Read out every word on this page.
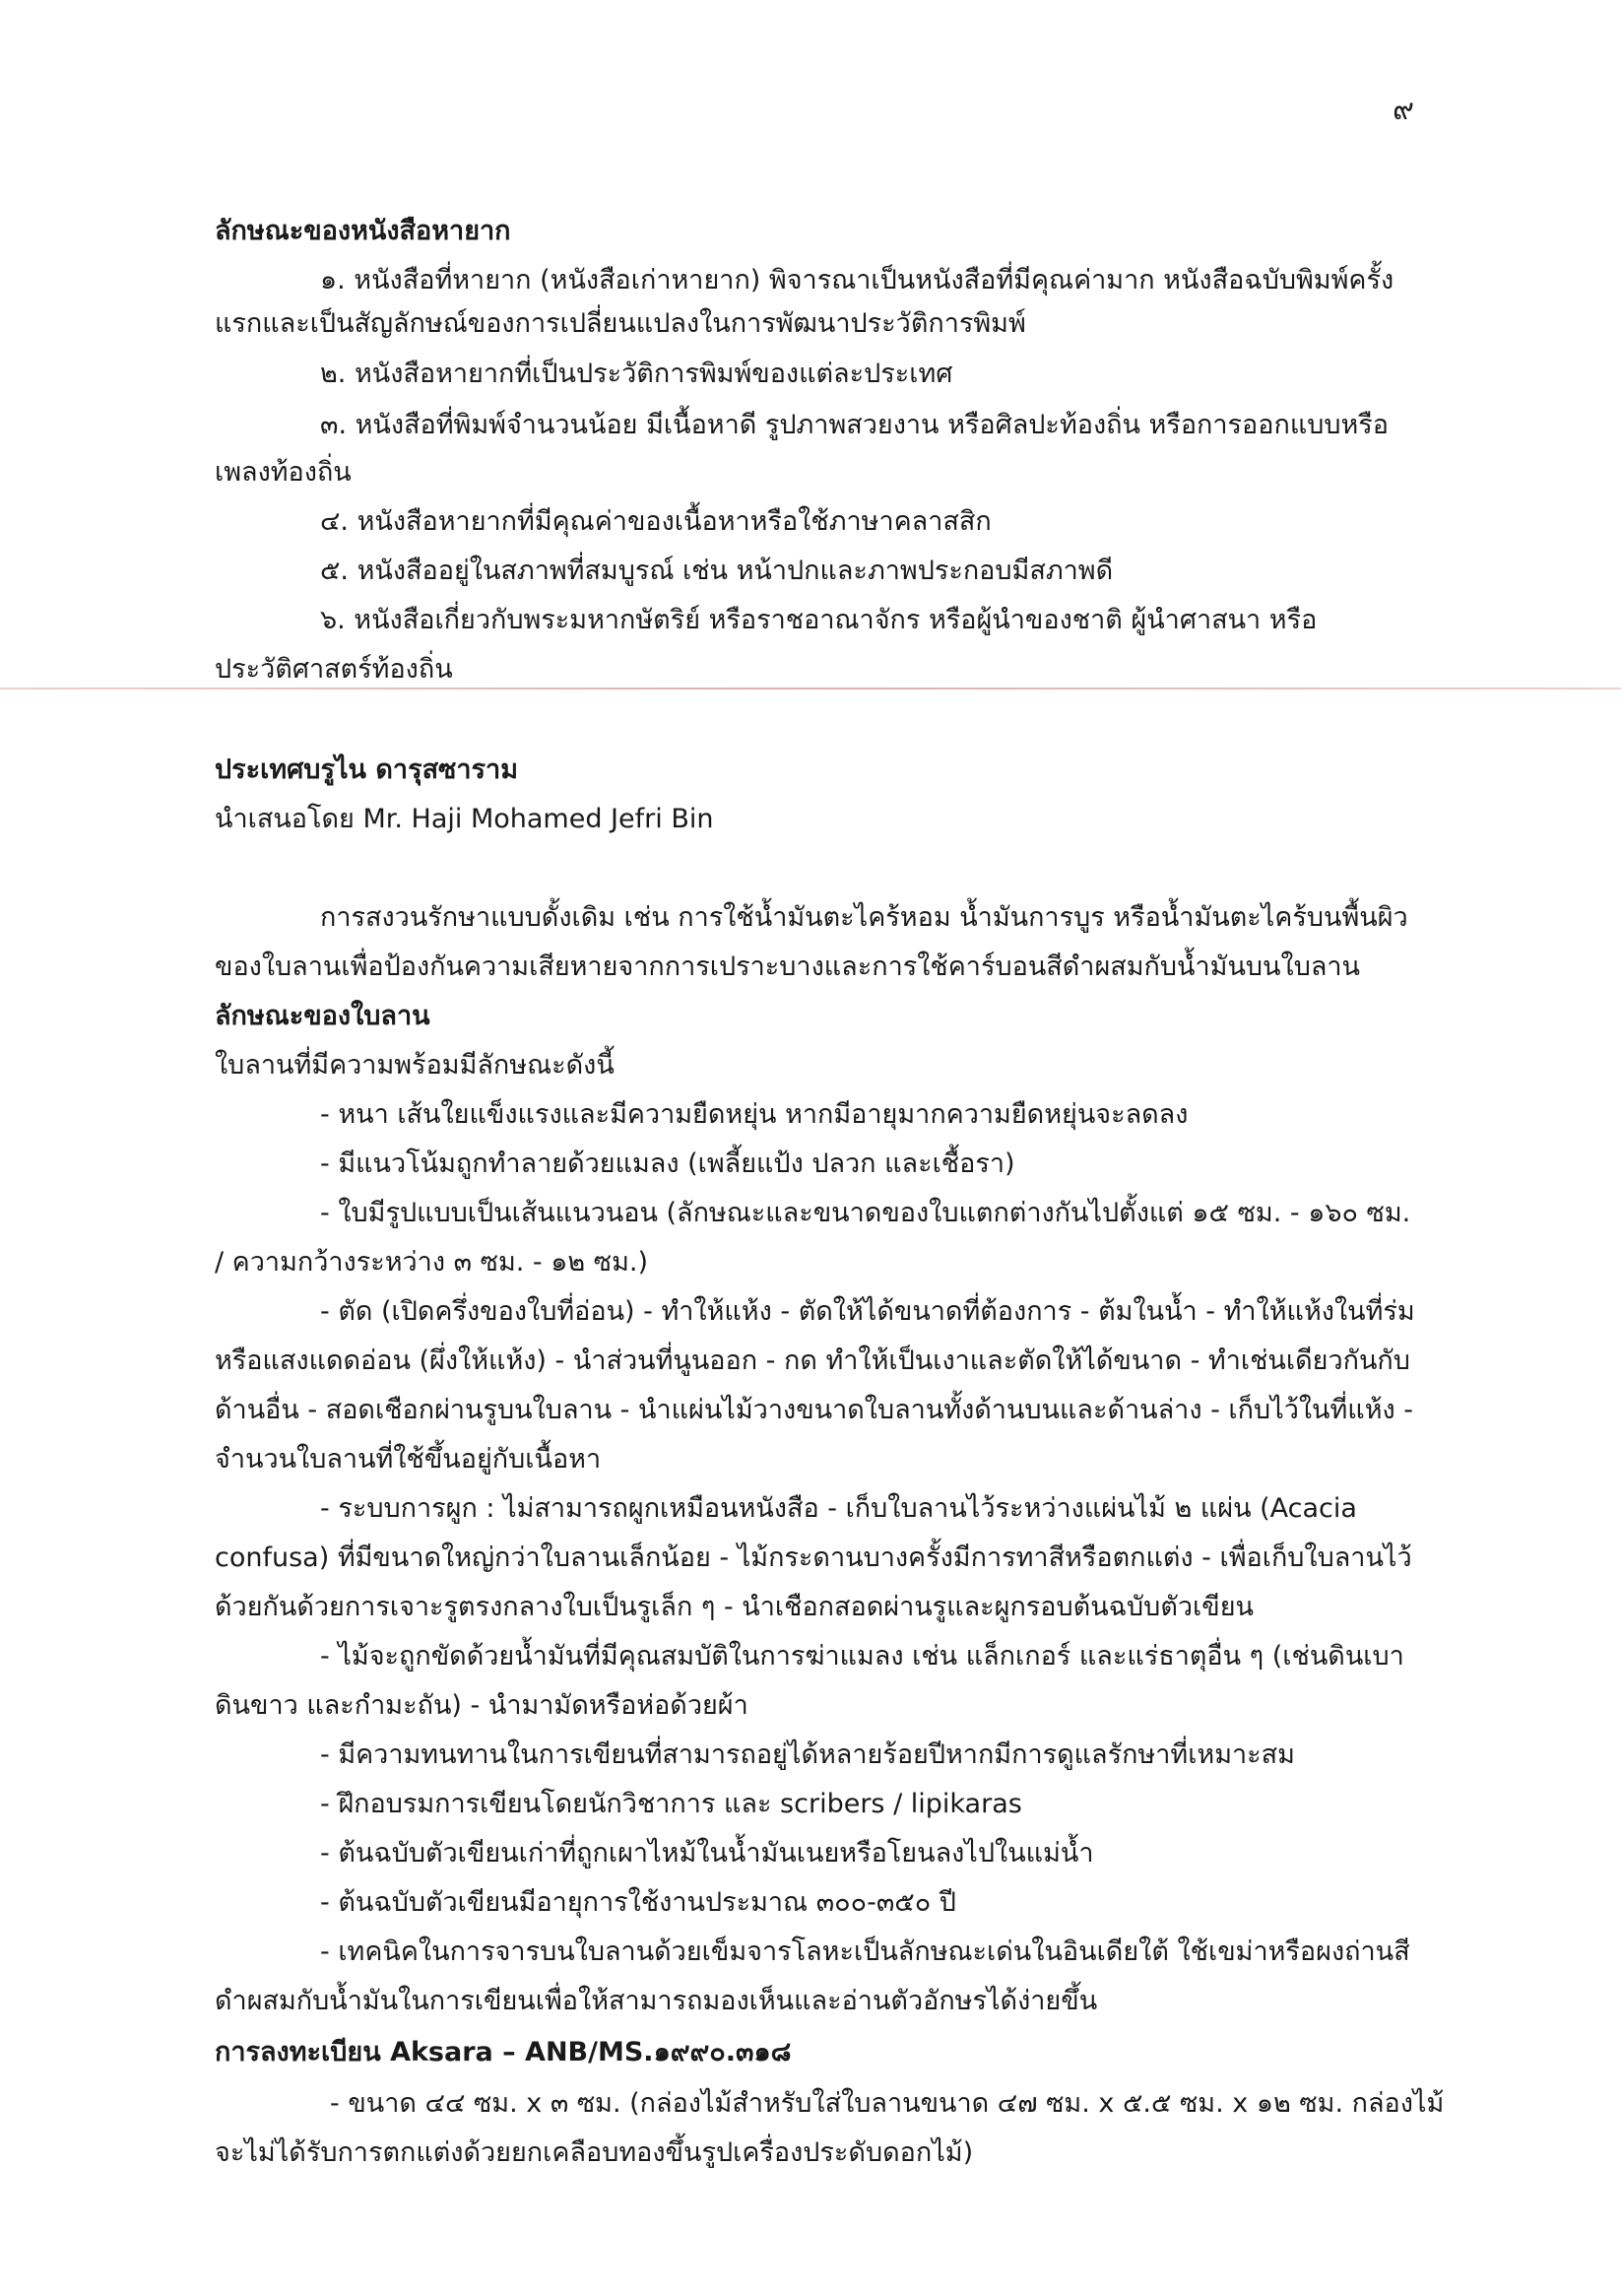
๙
ลักษณะของหนังสือหายาก
๑. หนังสือที่หายาก (หนังสือเก่าหายาก) พิจารณาเป็นหนังสือที่มีคุณค่ามาก หนังสือฉบับพิมพ์ครั้ง
แรกและเป็นสัญลักษณ์ของการเปลี่ยนแปลงในการพัฒนาประวัติการพิมพ์
๒. หนังสือหายากที่เป็นประวัติการพิมพ์ของแต่ละประเทศ
๓. หนังสือที่พิมพ์จำนวนน้อย มีเนื้อหาดี รูปภาพสวยงาน หรือศิลปะท้องถิ่น หรือการออกแบบหรือ
เพลงท้องถิ่น
๔. หนังสือหายากที่มีคุณค่าของเนื้อหาหรือใช้ภาษาคลาสสิก
๕. หนังสืออยู่ในสภาพที่สมบูรณ์ เช่น หน้าปกและภาพประกอบมีสภาพดี
๖. หนังสือเกี่ยวกับพระมหากษัตริย์ หรือราชอาณาจักร หรือผู้นำของชาติ ผู้นำศาสนา หรือ
ประวัติศาสตร์ท้องถิ่น
ประเทศบรูไน ดารุสซาราม
นำเสนอโดย Mr. Haji Mohamed Jefri Bin
การสงวนรักษาแบบดั้งเดิม เช่น การใช้น้ำมันตะไคร้หอม น้ำมันการบูร หรือน้ำมันตะไคร้บนพื้นผิว
ของใบลานเพื่อป้องกันความเสียหายจากการเปราะบางและการใช้คาร์บอนสีดำผสมกับน้ำมันบนใบลาน
ลักษณะของใบลาน
ใบลานที่มีความพร้อมมีลักษณะดังนี้
- หนา เส้นใยแข็งแรงและมีความยืดหยุ่น หากมีอายุมากความยืดหยุ่นจะลดลง
- มีแนวโน้มถูกทำลายด้วยแมลง (เพลี้ยแป้ง ปลวก และเชื้อรา)
- ใบมีรูปแบบเป็นเส้นแนวนอน (ลักษณะและขนาดของใบแตกต่างกันไปตั้งแต่ ๑๕ ซม. - ๑๖๐ ซม.
/ ความกว้างระหว่าง ๓ ซม. - ๑๒ ซม.)
- ตัด (เปิดครึ่งของใบที่อ่อน) - ทำให้แห้ง - ตัดให้ได้ขนาดที่ต้องการ - ต้มในน้ำ - ทำให้แห้งในที่ร่ม
หรือแสงแดดอ่อน (ผึ่งให้แห้ง) - นำส่วนที่นูนออก - กด ทำให้เป็นเงาและตัดให้ได้ขนาด - ทำเช่นเดียวกันกับ
ด้านอื่น - สอดเชือกผ่านรูบนใบลาน - นำแผ่นไม้วางขนาดใบลานทั้งด้านบนและด้านล่าง - เก็บไว้ในที่แห้ง -
จำนวนใบลานที่ใช้ขึ้นอยู่กับเนื้อหา
- ระบบการผูก : ไม่สามารถผูกเหมือนหนังสือ - เก็บใบลานไว้ระหว่างแผ่นไม้ ๒ แผ่น (Acacia
confusa) ที่มีขนาดใหญ่กว่าใบลานเล็กน้อย - ไม้กระดานบางครั้งมีการทาสีหรือตกแต่ง - เพื่อเก็บใบลานไว้
ด้วยกันด้วยการเจาะรูตรงกลางใบเป็นรูเล็ก ๆ - นำเชือกสอดผ่านรูและผูกรอบต้นฉบับตัวเขียน
- ไม้จะถูกขัดด้วยน้ำมันที่มีคุณสมบัติในการฆ่าแมลง เช่น แล็กเกอร์ และแร่ธาตุอื่น ๆ (เช่นดินเบา
ดินขาว และกำมะถัน) - นำมามัดหรือห่อด้วยผ้า
- มีความทนทานในการเขียนที่สามารถอยู่ได้หลายร้อยปีหากมีการดูแลรักษาที่เหมาะสม
- ฝึกอบรมการเขียนโดยนักวิชาการ และ scribers / lipikaras
- ต้นฉบับตัวเขียนเก่าที่ถูกเผาไหม้ในน้ำมันเนยหรือโยนลงไปในแม่น้ำ
- ต้นฉบับตัวเขียนมีอายุการใช้งานประมาณ ๓๐๐-๓๕๐ ปี
- เทคนิคในการจารบนใบลานด้วยเข็มจารโลหะเป็นลักษณะเด่นในอินเดียใต้ ใช้เขม่าหรือผงถ่านสี
ดำผสมกับน้ำมันในการเขียนเพื่อให้สามารถมองเห็นและอ่านตัวอักษรได้ง่ายขึ้น
การลงทะเบียน Aksara – ANB/MS.๑๙๙๐.๓๑๘
- ขนาด ๔๔ ซม. x ๓ ซม. (กล่องไม้สำหรับใส่ใบลานขนาด ๔๗ ซม. x ๕.๕ ซม. x ๑๒ ซม. กล่องไม้
จะไม่ได้รับการตกแต่งด้วยยกเคลือบทองขึ้นรูปเครื่องประดับดอกไม้)
